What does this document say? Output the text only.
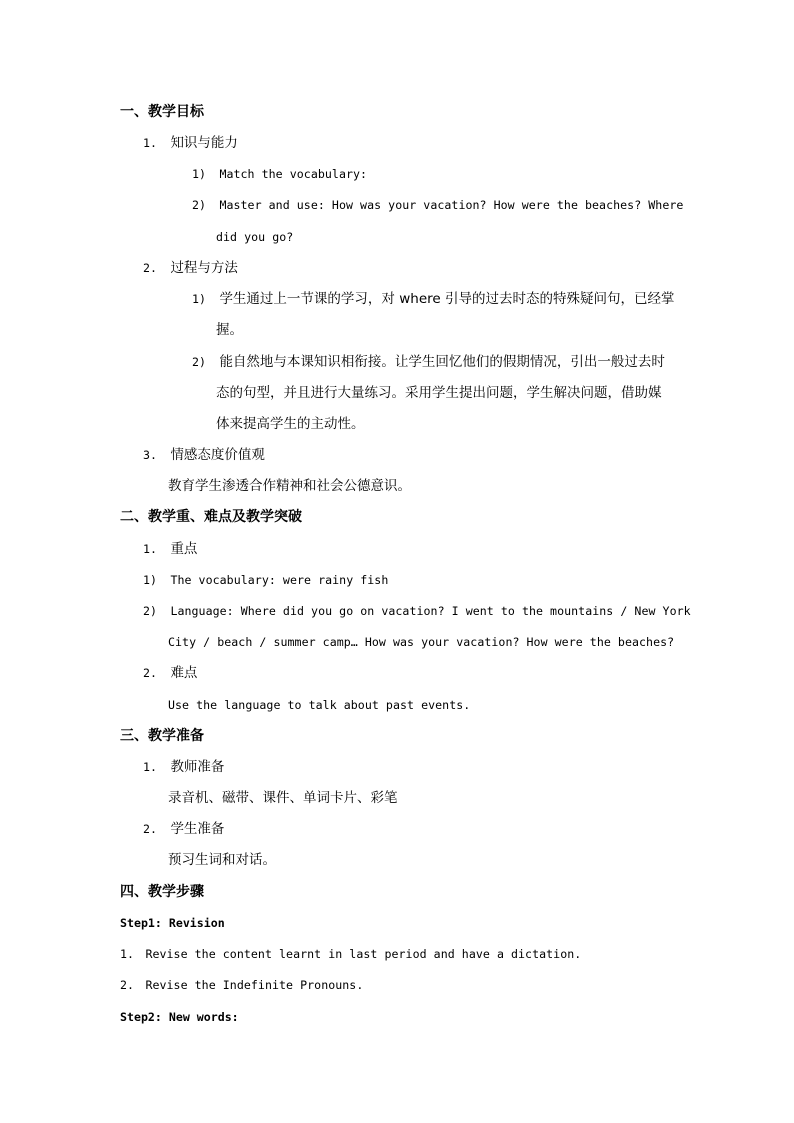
一、教学目标
1. 知识与能力
1) Match the vocabulary:
2) Master and use: How was your vacation? How were the beaches? Where
did you go?
2. 过程与方法
1) 学生通过上一节课的学习，对 where 引导的过去时态的特殊疑问句，已经掌
握。
2) 能自然地与本课知识相衔接。让学生回忆他们的假期情况，引出一般过去时
态的句型，并且进行大量练习。采用学生提出问题，学生解决问题，借助媒
体来提高学生的主动性。
3. 情感态度价值观
教育学生渗透合作精神和社会公德意识。
二、教学重、难点及教学突破
1. 重点
1) The vocabulary: were rainy fish
2) Language: Where did you go on vacation? I went to the mountains / New York
City / beach / summer camp… How was your vacation? How were the beaches?
2. 难点
Use the language to talk about past events.
三、教学准备
1. 教师准备
录音机、磁带、课件、单词卡片、彩笔
2. 学生准备
预习生词和对话。
四、教学步骤
Step1: Revision
1. Revise the content learnt in last period and have a dictation.
2. Revise the Indefinite Pronouns.
Step2: New words:
